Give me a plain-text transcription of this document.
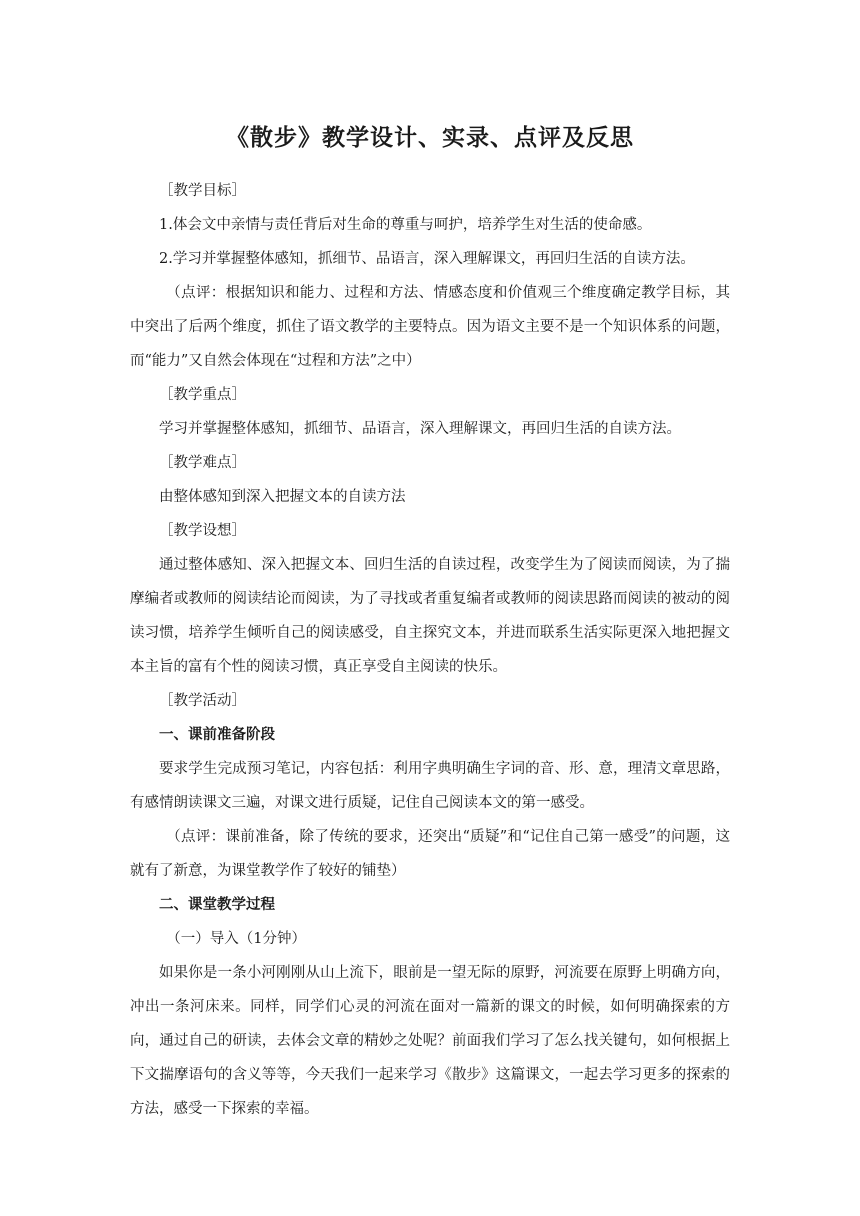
《散步》教学设计、实录、点评及反思

［教学目标］

1.体会文中亲情与责任背后对生命的尊重与呵护，培养学生对生活的使命感。

2.学习并掌握整体感知，抓细节、品语言，深入理解课文，再回归生活的自读方法。

（点评：根据知识和能力、过程和方法、情感态度和价值观三个维度确定教学目标，其中突出了后两个维度，抓住了语文教学的主要特点。因为语文主要不是一个知识体系的问题，而“能力”又自然会体现在“过程和方法”之中）

［教学重点］

学习并掌握整体感知，抓细节、品语言，深入理解课文，再回归生活的自读方法。

［教学难点］

由整体感知到深入把握文本的自读方法

［教学设想］

通过整体感知、深入把握文本、回归生活的自读过程，改变学生为了阅读而阅读，为了揣摩编者或教师的阅读结论而阅读，为了寻找或者重复编者或教师的阅读思路而阅读的被动的阅读习惯，培养学生倾听自己的阅读感受，自主探究文本，并进而联系生活实际更深入地把握文本主旨的富有个性的阅读习惯，真正享受自主阅读的快乐。

［教学活动］

一、课前准备阶段

要求学生完成预习笔记，内容包括：利用字典明确生字词的音、形、意，理清文章思路，有感情朗读课文三遍，对课文进行质疑，记住自己阅读本文的第一感受。

（点评：课前准备，除了传统的要求，还突出“质疑”和“记住自己第一感受”的问题，这就有了新意，为课堂教学作了较好的铺垫）

二、课堂教学过程

（一）导入（1分钟）

如果你是一条小河刚刚从山上流下，眼前是一望无际的原野，河流要在原野上明确方向，冲出一条河床来。同样，同学们心灵的河流在面对一篇新的课文的时候，如何明确探索的方向，通过自己的研读，去体会文章的精妙之处呢？前面我们学习了怎么找关键句，如何根据上下文揣摩语句的含义等等，今天我们一起来学习《散步》这篇课文，一起去学习更多的探索的方法，感受一下探索的幸福。
